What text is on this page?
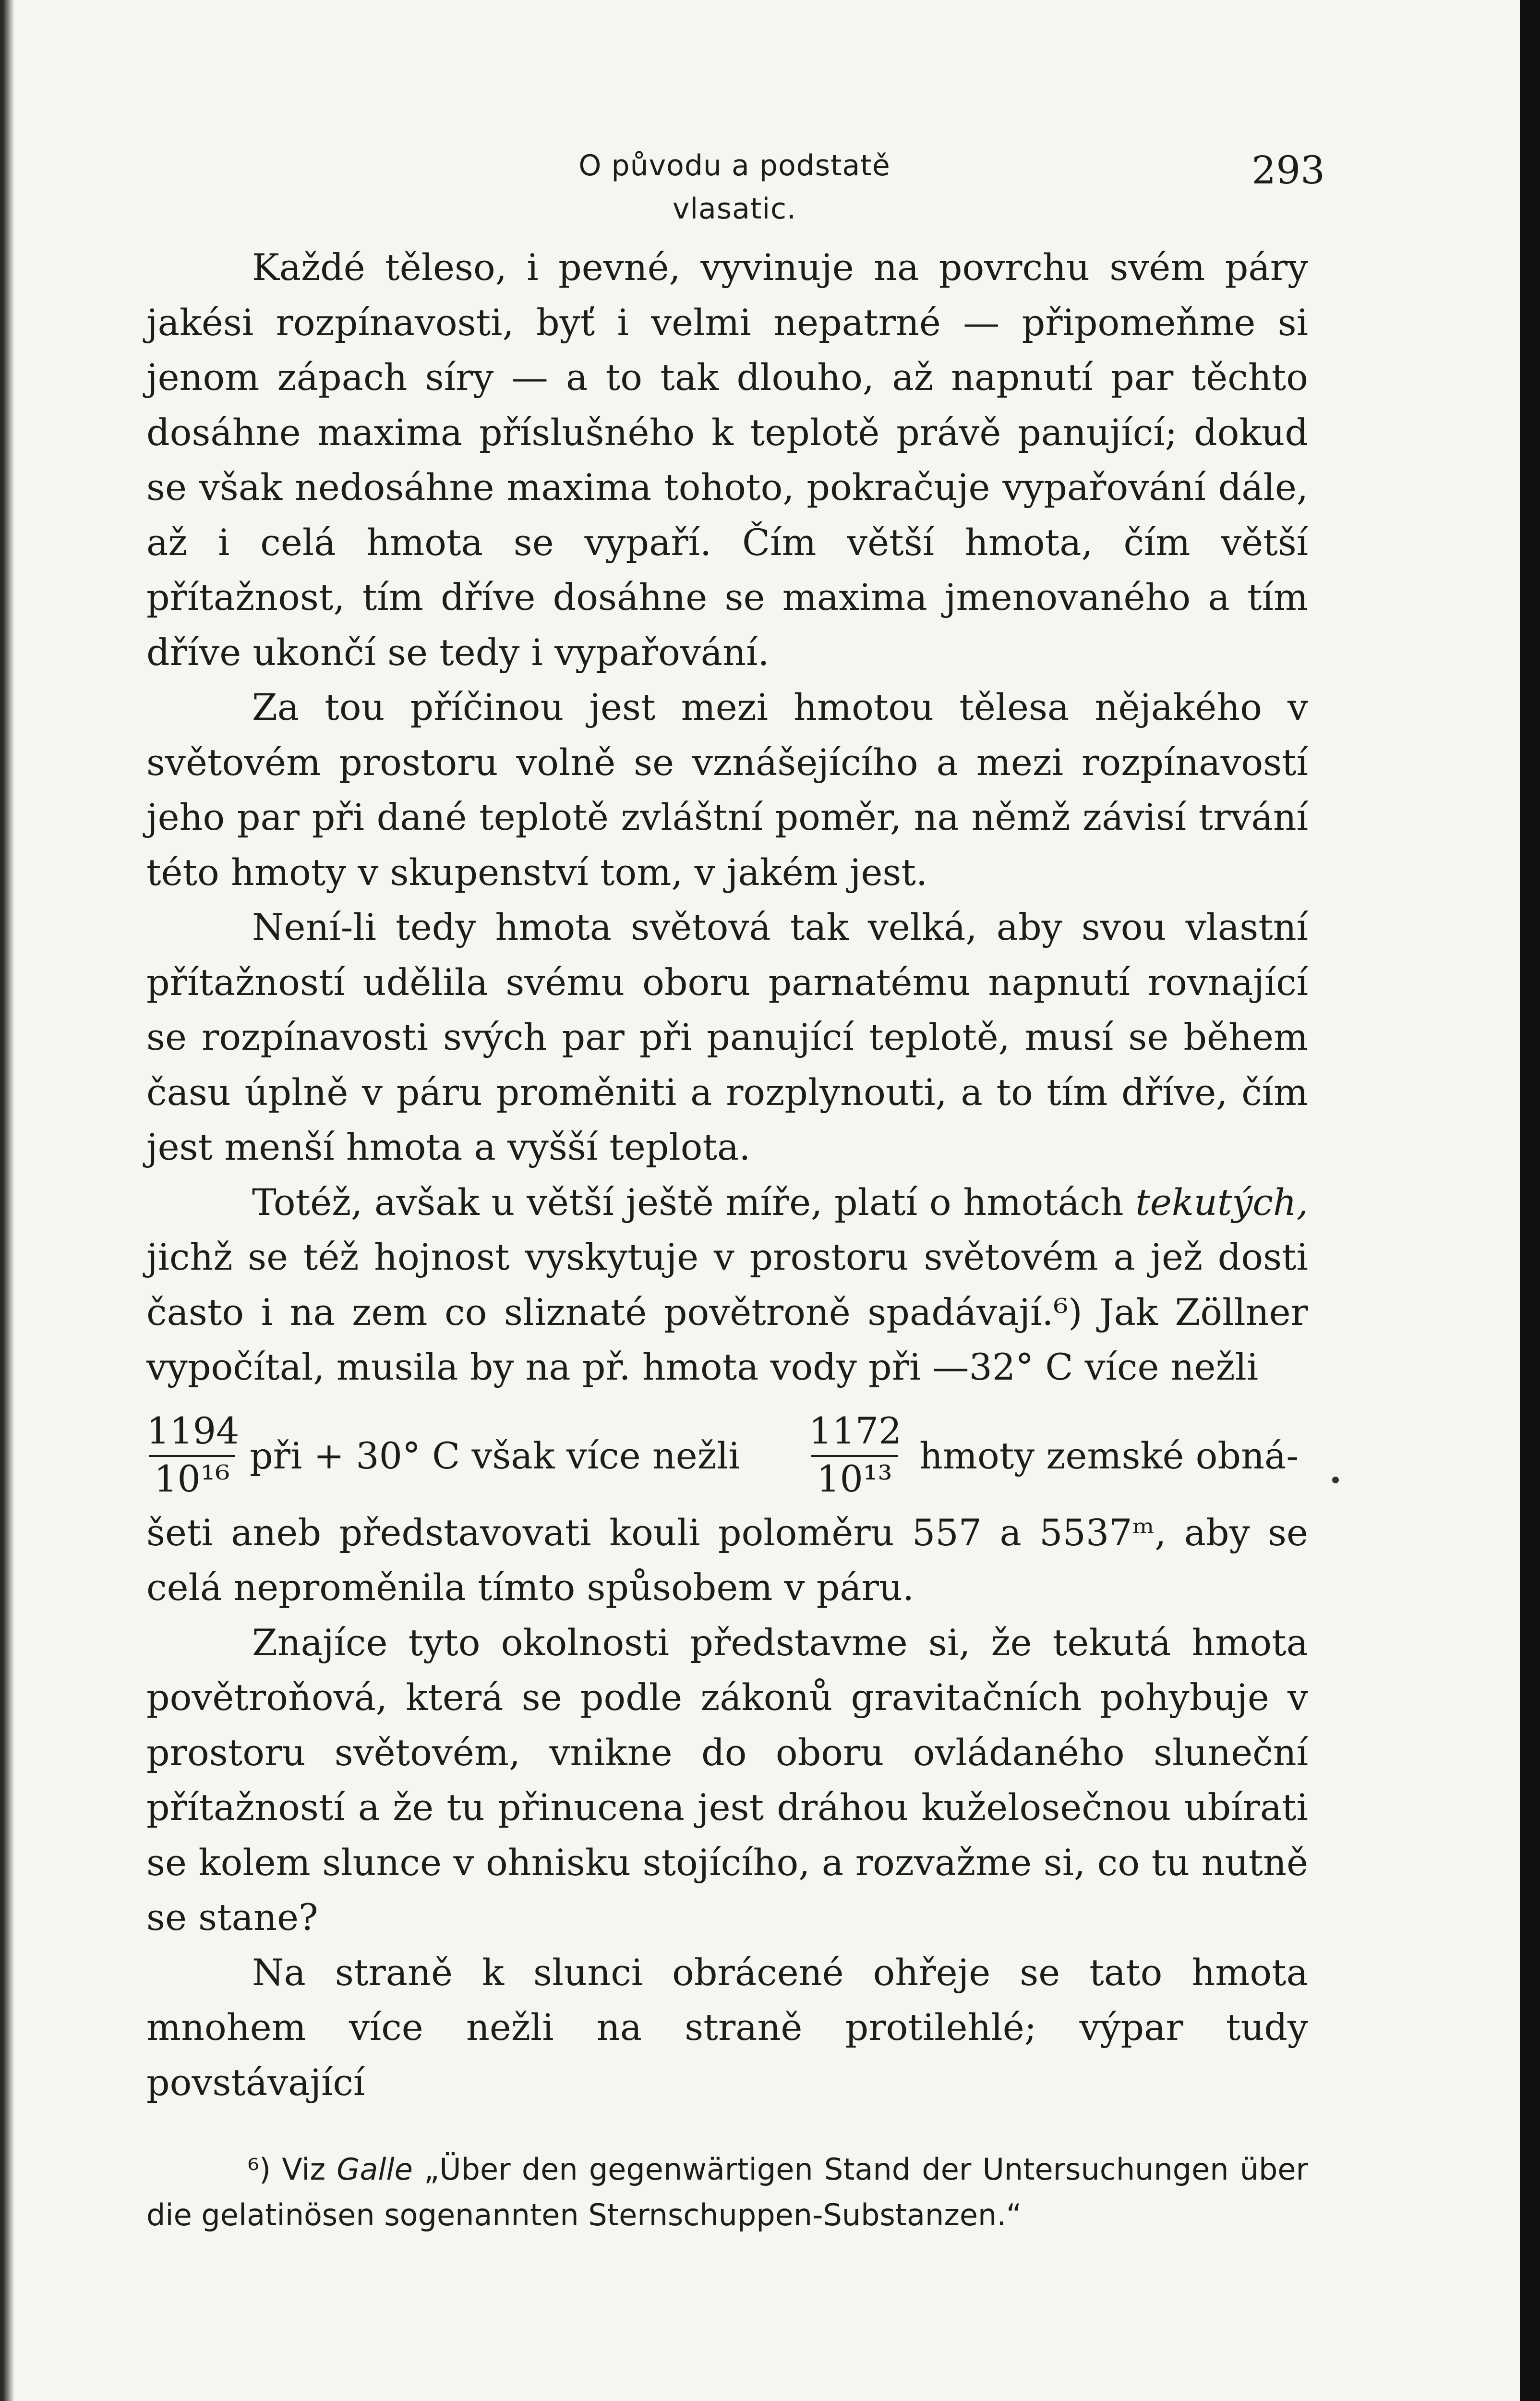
O původu a podstatě vlasatic.
293

Každé těleso, i pevné, vyvinuje na povrchu svém páry jakési rozpínavosti, byť i velmi nepatrné — připomeňme si jenom zápach síry — a to tak dlouho, až napnutí par těchto dosáhne maxima příslušného k teplotě právě panující; dokud se však nedosáhne maxima tohoto, pokračuje vypařování dále, až i celá hmota se vypaří. Čím větší hmota, čím větší přítažnost, tím dříve dosáhne se maxima jmenovaného a tím dříve ukončí se tedy i vypařování.

Za tou příčinou jest mezi hmotou tělesa nějakého v světovém prostoru volně se vznášejícího a mezi rozpínavostí jeho par při dané teplotě zvláštní poměr, na němž závisí trvání této hmoty v skupenství tom, v jakém jest.

Není-li tedy hmota světová tak velká, aby svou vlastní přítažností udělila svému oboru parnatému napnutí rovnající se rozpínavosti svých par při panující teplotě, musí se během času úplně v páru proměniti a rozplynouti, a to tím dříve, čím jest menší hmota a vyšší teplota.

Totéž, avšak u větší ještě míře, platí o hmotách tekutých, jichž se též hojnost vyskytuje v prostoru světovém a jež dosti často i na zem co sliznaté povětroně spadávají.⁶) Jak Zöllner vypočítal, musila by na př. hmota vody při —32° C více nežli

1194
10¹⁶
při + 30° C však více nežli
1172
10¹³
hmoty zemské obná-

šeti aneb představovati kouli poloměru 557 a 5537ᵐ, aby se celá neproměnila tímto spůsobem v páru.

Znajíce tyto okolnosti představme si, že tekutá hmota povětroňová, která se podle zákonů gravitačních pohybuje v prostoru světovém, vnikne do oboru ovládaného sluneční přítažností a že tu přinucena jest dráhou kuželosečnou ubírati se kolem slunce v ohnisku stojícího, a rozvažme si, co tu nutně se stane?

Na straně k slunci obrácené ohřeje se tato hmota mnohem více nežli na straně protilehlé; výpar tudy povstávající

⁶) Viz Galle „Über den gegenwärtigen Stand der Untersuchungen über die gelatinösen sogenannten Sternschuppen-Substanzen.“
